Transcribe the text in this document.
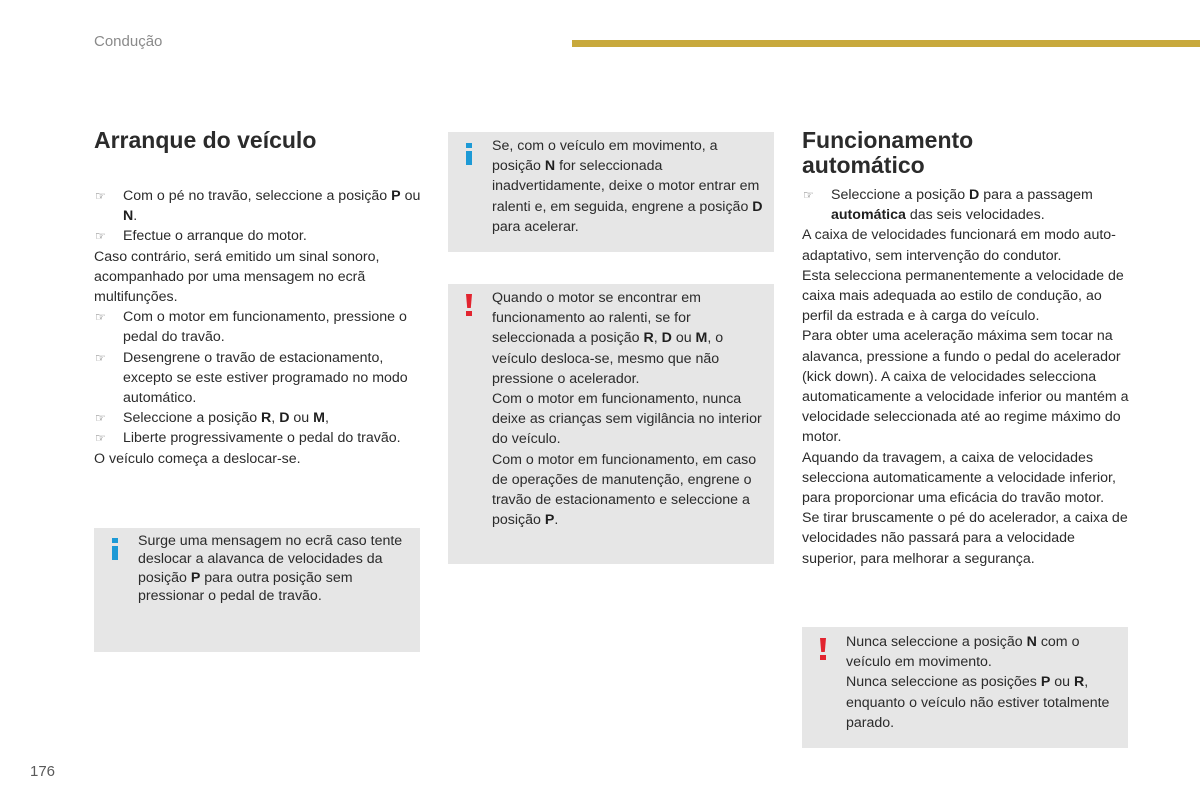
Condução
Arranque do veículo

☞ Com o pé no travão, seleccione a posição P ou N.

☞ Efectue o arranque do motor.

Caso contrário, será emitido um sinal sonoro, acompanhado por uma mensagem no ecrã multifunções.

☞ Com o motor em funcionamento, pressione o pedal do travão.

☞ Desengrene o travão de estacionamento, excepto se este estiver programado no modo automático.

☞ Seleccione a posição R, D ou M,

☞ Liberte progressivamente o pedal do travão.

O veículo começa a deslocar-se.

Surge uma mensagem no ecrã caso tente deslocar a alavanca de velocidades da posição P para outra posição sem pressionar o pedal de travão.

Se, com o veículo em movimento, a posição N for seleccionada inadvertidamente, deixe o motor entrar em ralenti e, em seguida, engrene a posição D para acelerar.

Quando o motor se encontrar em funcionamento ao ralenti, se for seleccionada a posição R, D ou M, o veículo desloca-se, mesmo que não pressione o acelerador.

Com o motor em funcionamento, nunca deixe as crianças sem vigilância no interior do veículo.

Com o motor em funcionamento, em caso de operações de manutenção, engrene o travão de estacionamento e seleccione a posição P.

Funcionamento
automático

☞ Seleccione a posição D para a passagem automática das seis velocidades.

A caixa de velocidades funcionará em modo auto-adaptativo, sem intervenção do condutor.

Esta selecciona permanentemente a velocidade de caixa mais adequada ao estilo de condução, ao perfil da estrada e à carga do veículo.

Para obter uma aceleração máxima sem tocar na alavanca, pressione a fundo o pedal do acelerador (kick down). A caixa de velocidades selecciona automaticamente a velocidade inferior ou mantém a velocidade seleccionada até ao regime máximo do motor.

Aquando da travagem, a caixa de velocidades selecciona automaticamente a velocidade inferior, para proporcionar uma eficácia do travão motor.

Se tirar bruscamente o pé do acelerador, a caixa de velocidades não passará para a velocidade superior, para melhorar a segurança.

Nunca seleccione a posição N com o veículo em movimento.

Nunca seleccione as posições P ou R, enquanto o veículo não estiver totalmente parado.

176
